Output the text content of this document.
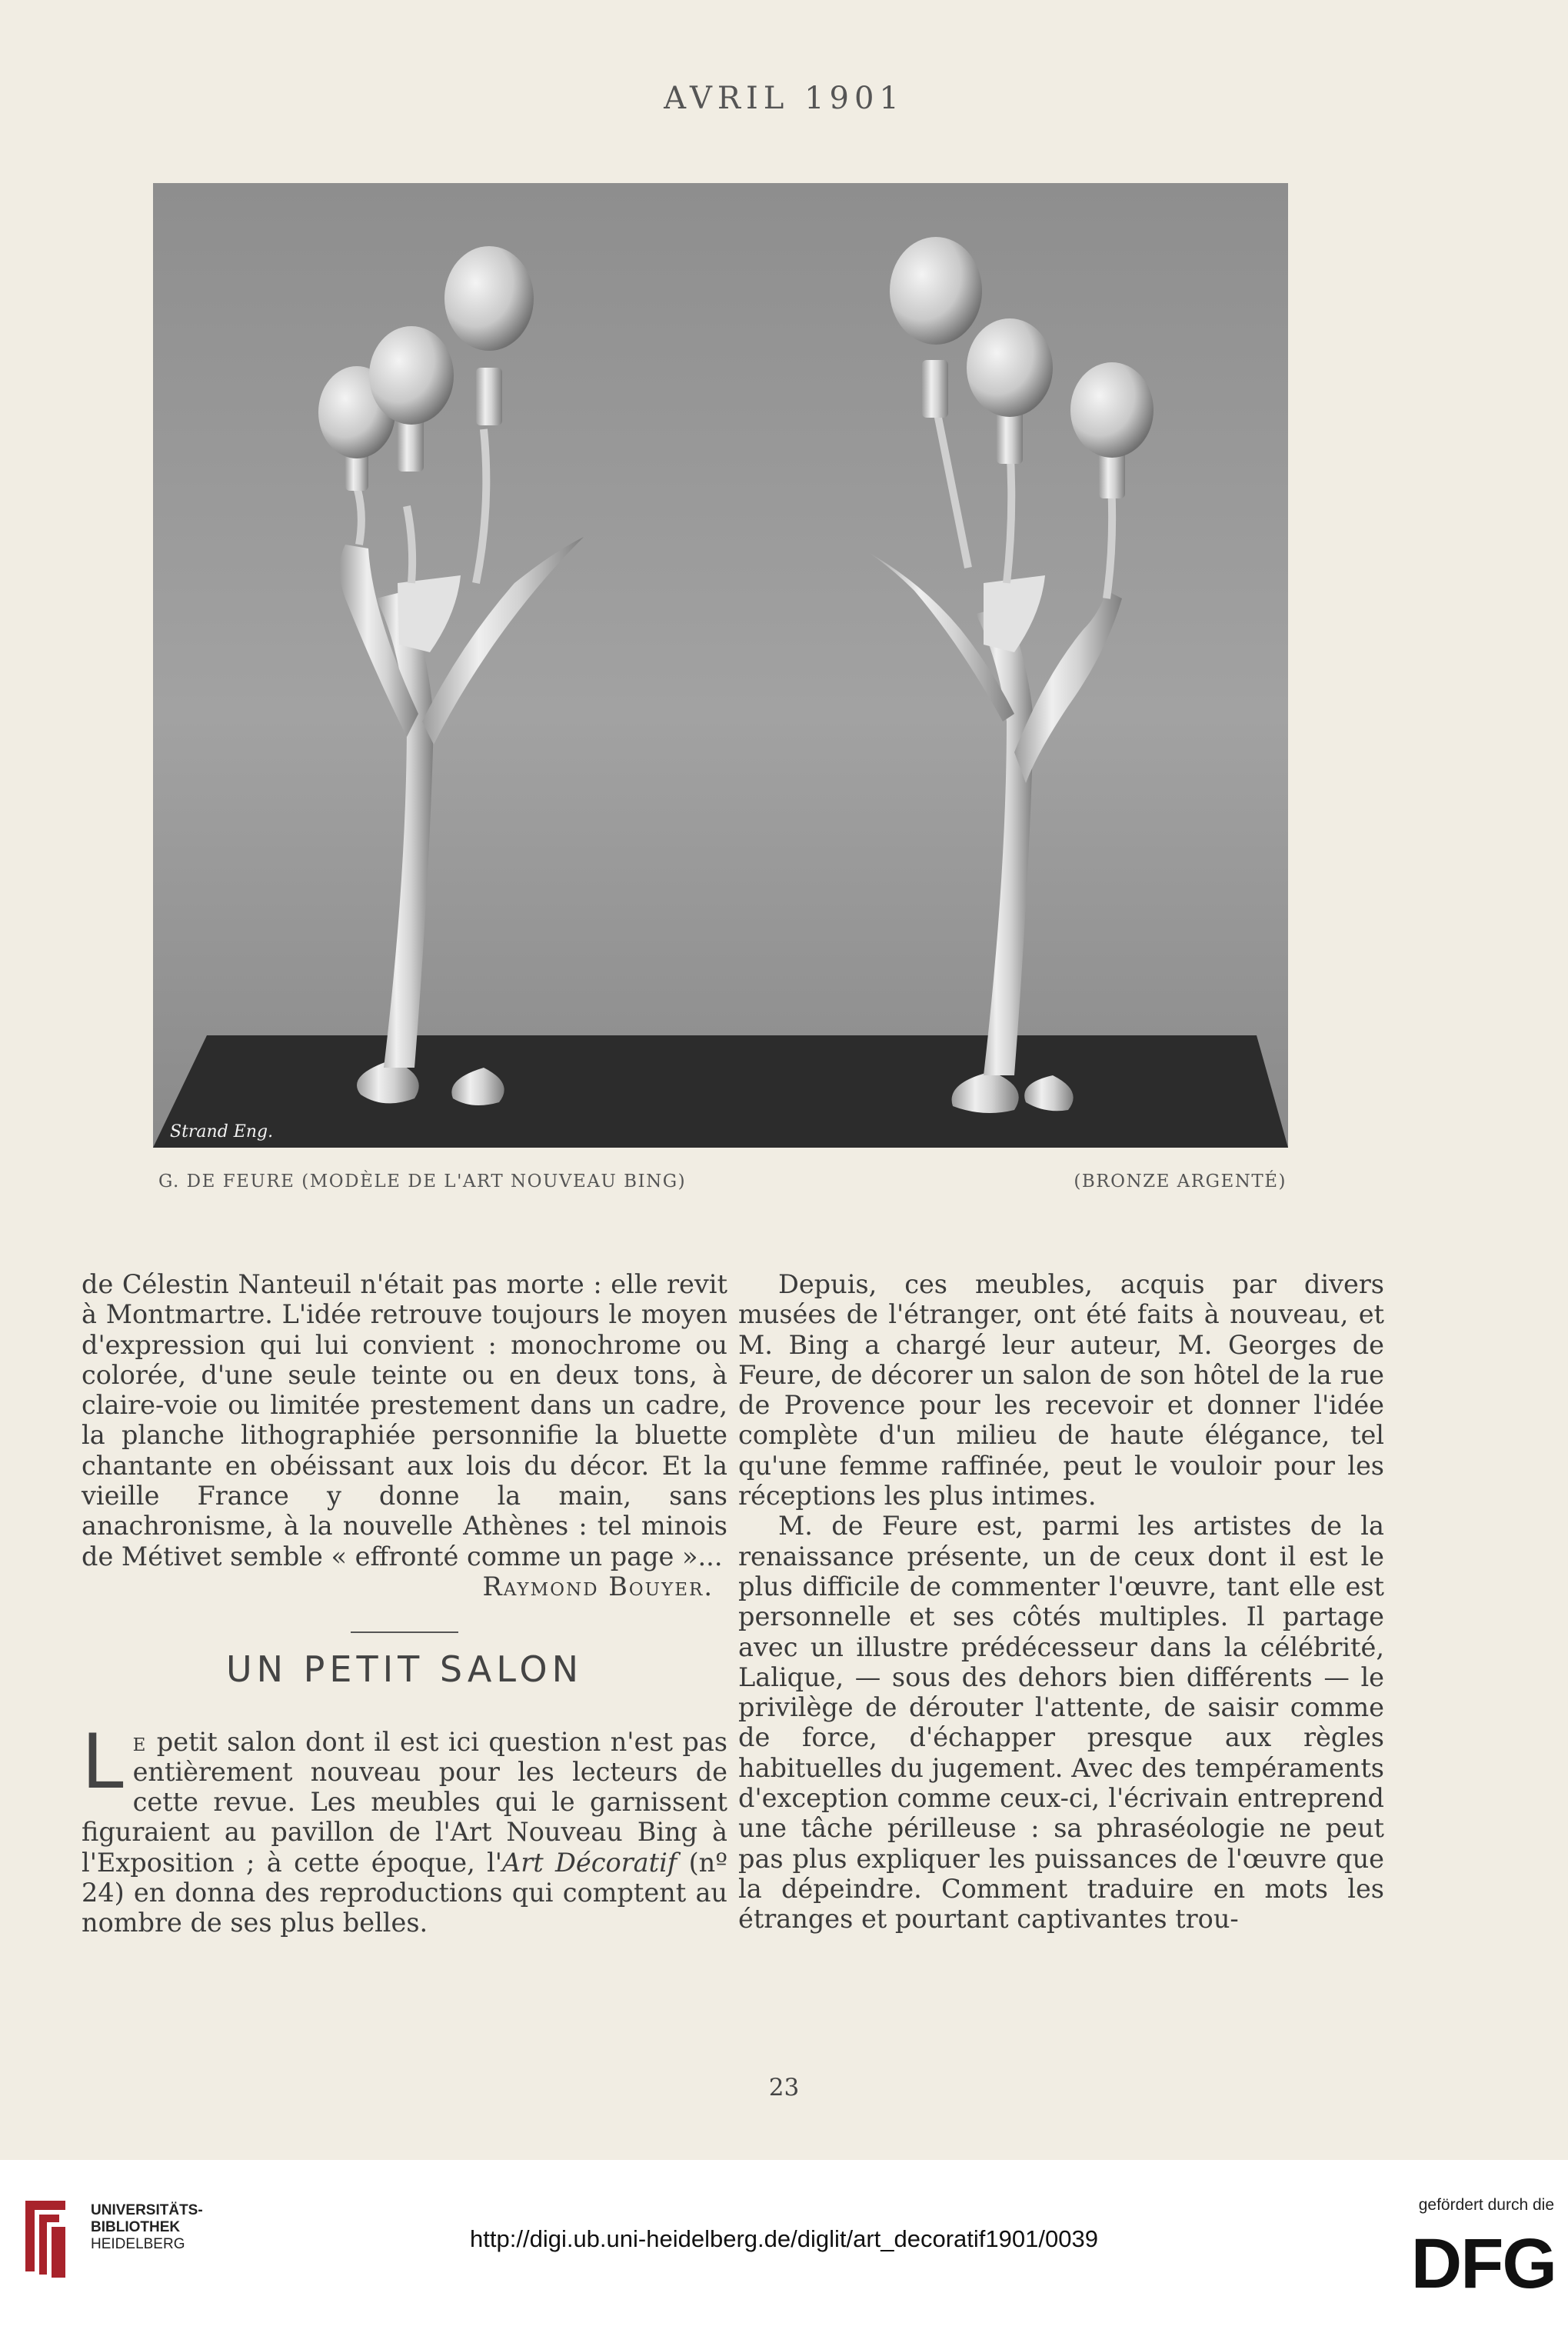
AVRIL 1901
Strand Eng.
G. DE FEURE (MODÈLE DE L'ART NOUVEAU BING)	(BRONZE ARGENTÉ)

de Célestin Nanteuil n'était pas morte : elle revit à Montmartre. L'idée retrouve toujours le moyen d'expression qui lui convient : monochrome ou colorée, d'une seule teinte ou en deux tons, à claire-voie ou limitée prestement dans un cadre, la planche lithographiée personnifie la bluette chantante en obéissant aux lois du décor. Et la vieille France y donne la main, sans anachronisme, à la nouvelle Athènes : tel minois de Métivet semble « effronté comme un page »...

Raymond Bouyer.

UN PETIT SALON

Le petit salon dont il est ici question n'est pas entièrement nouveau pour les lecteurs de cette revue. Les meubles qui le garnissent figuraient au pavillon de l'Art Nouveau Bing à l'Exposition ; à cette époque, l'Art Décoratif (nº 24) en donna des reproductions qui comptent au nombre de ses plus belles.

Depuis, ces meubles, acquis par divers musées de l'étranger, ont été faits à nouveau, et M. Bing a chargé leur auteur, M. Georges de Feure, de décorer un salon de son hôtel de la rue de Provence pour les recevoir et donner l'idée complète d'un milieu de haute élégance, tel qu'une femme raffinée, peut le vouloir pour les réceptions les plus intimes.

M. de Feure est, parmi les artistes de la renaissance présente, un de ceux dont il est le plus difficile de commenter l'œuvre, tant elle est personnelle et ses côtés multiples. Il partage avec un illustre prédécesseur dans la célébrité, Lalique, — sous des dehors bien différents — le privilège de dérouter l'attente, de saisir comme de force, d'échapper presque aux règles habituelles du jugement. Avec des tempéraments d'exception comme ceux-ci, l'écrivain entreprend une tâche périlleuse : sa phraséologie ne peut pas plus expliquer les puissances de l'œuvre que la dépeindre. Comment traduire en mots les étranges et pourtant captivantes trou-

23
UNIVERSITÄTS-
BIBLIOTHEK
HEIDELBERG	http://digi.ub.uni-heidelberg.de/diglit/art_decoratif1901/0039
gefördert durch die
DFG
